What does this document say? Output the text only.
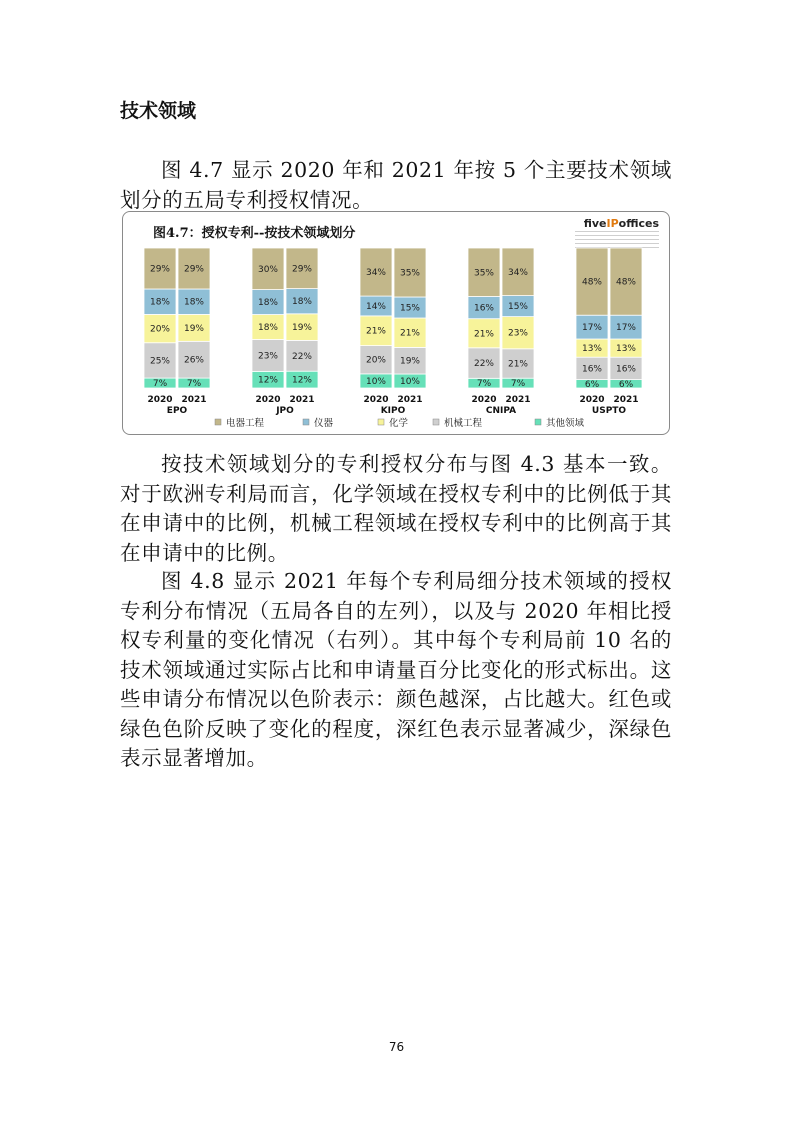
技术领域

图 4.7 显示 2020 年和 2021 年按 5 个主要技术领域划分的五局专利授权情况。

图4.7：授权专利--按技术领域划分
fiveIPoffices
7%
25%
20%
18%
29%
2020
7%
26%
19%
18%
29%
2021
EPO
12%
23%
18%
18%
30%
2020
12%
22%
19%
18%
29%
2021
JPO
10%
20%
21%
14%
34%
2020
10%
19%
21%
15%
35%
2021
KIPO
7%
22%
21%
16%
35%
2020
7%
21%
23%
15%
34%
2021
CNIPA
6%
16%
13%
17%
48%
2020
6%
16%
13%
17%
48%
2021
USPTO
电器工程	仪器	化学	机械工程	其他领域

按技术领域划分的专利授权分布与图 4.3 基本一致。对于欧洲专利局而言，化学领域在授权专利中的比例低于其在申请中的比例，机械工程领域在授权专利中的比例高于其在申请中的比例。

图 4.8 显示 2021 年每个专利局细分技术领域的授权专利分布情况（五局各自的左列），以及与 2020 年相比授权专利量的变化情况（右列）。其中每个专利局前 10 名的技术领域通过实际占比和申请量百分比变化的形式标出。这些申请分布情况以色阶表示：颜色越深，占比越大。红色或绿色色阶反映了变化的程度，深红色表示显著减少，深绿色表示显著增加。

76
